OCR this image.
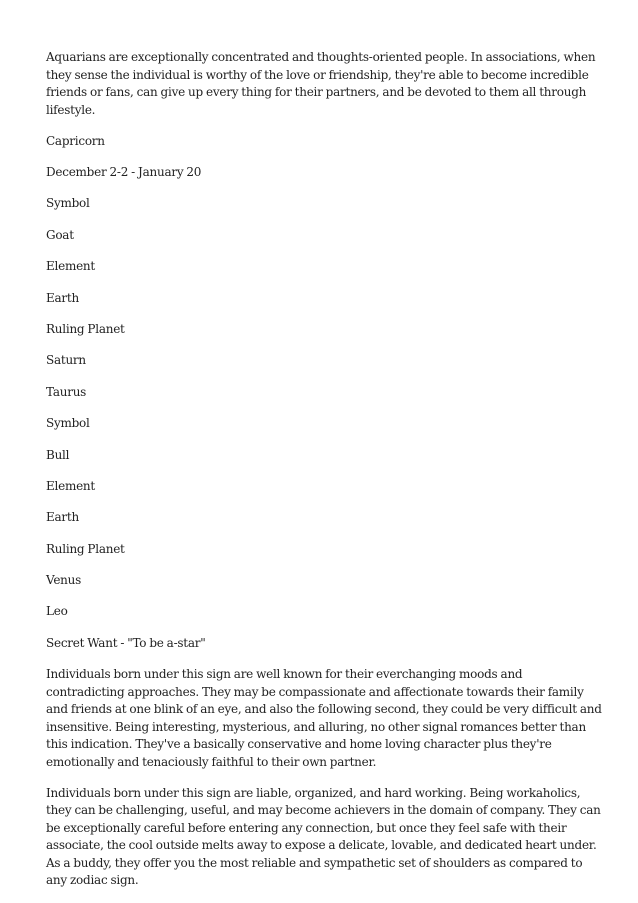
Aquarians are exceptionally concentrated and thoughts-oriented people. In associations, when they sense the individual is worthy of the love or friendship, they're able to become incredible friends or fans, can give up every thing for their partners, and be devoted to them all through lifestyle.

Capricorn

December 2-2 - January 20

Symbol

Goat

Element

Earth

Ruling Planet

Saturn

Taurus

Symbol

Bull

Element

Earth

Ruling Planet

Venus

Leo

Secret Want - "To be a-star"

Individuals born under this sign are well known for their everchanging moods and contradicting approaches. They may be compassionate and affectionate towards their family and friends at one blink of an eye, and also the following second, they could be very difficult and insensitive. Being interesting, mysterious, and alluring, no other signal romances better than this indication. They've a basically conservative and home loving character plus they're emotionally and tenaciously faithful to their own partner.

Individuals born under this sign are liable, organized, and hard working. Being workaholics, they can be challenging, useful, and may become achievers in the domain of company. They can be exceptionally careful before entering any connection, but once they feel safe with their associate, the cool outside melts away to expose a delicate, lovable, and dedicated heart under. As a buddy, they offer you the most reliable and sympathetic set of shoulders as compared to any zodiac sign.
